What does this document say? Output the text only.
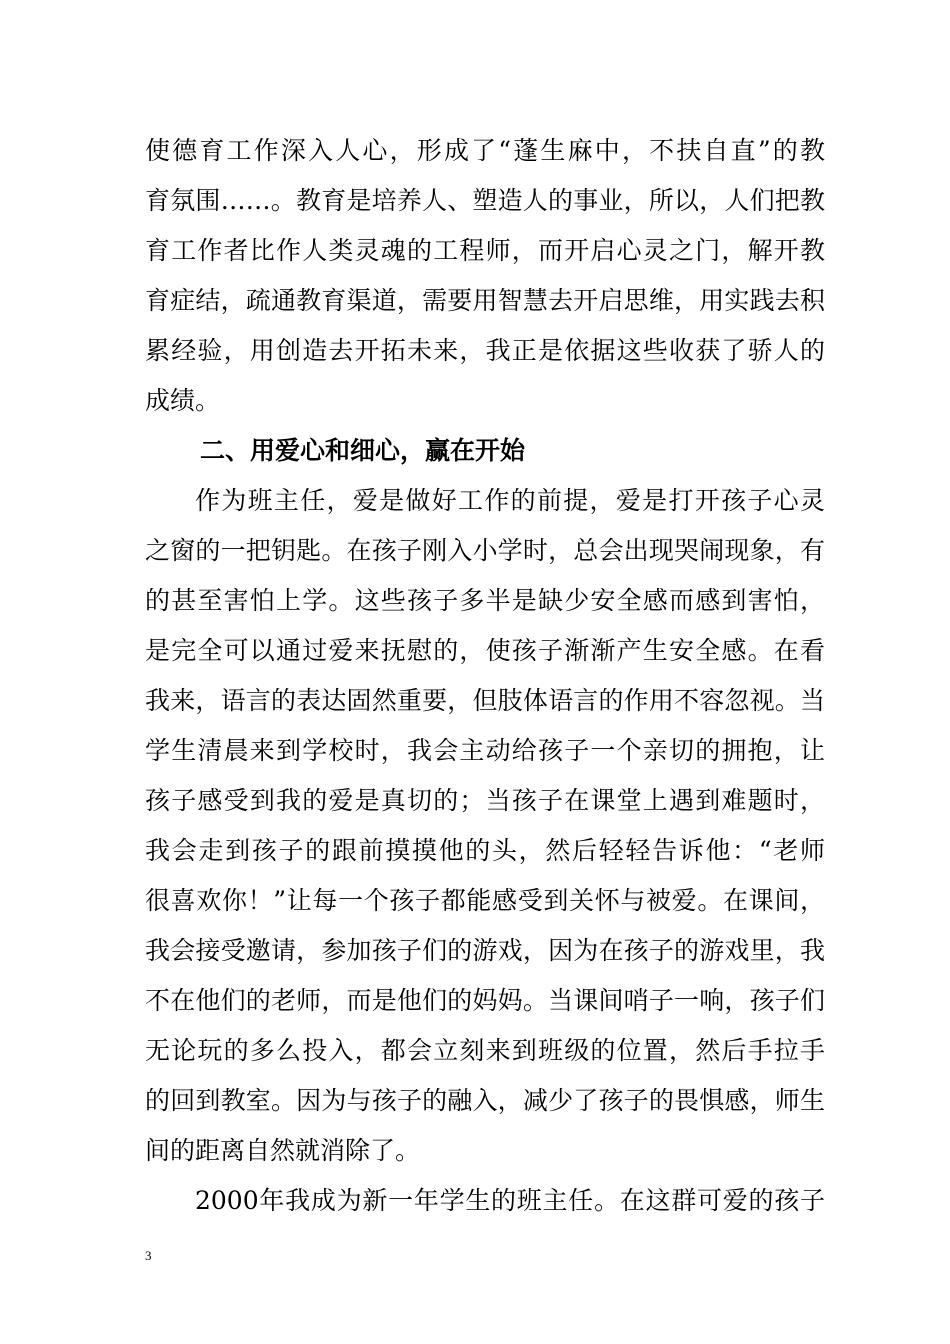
使德育工作深入人心，形成了“蓬生麻中，不扶自直”的教
育氛围……。教育是培养人、塑造人的事业，所以，人们把教
育工作者比作人类灵魂的工程师，而开启心灵之门，解开教
育症结，疏通教育渠道，需要用智慧去开启思维，用实践去积
累经验，用创造去开拓未来，我正是依据这些收获了骄人的
成绩。
二、用爱心和细心，赢在开始
作为班主任，爱是做好工作的前提，爱是打开孩子心灵
之窗的一把钥匙。在孩子刚入小学时，总会出现哭闹现象，有
的甚至害怕上学。这些孩子多半是缺少安全感而感到害怕，
是完全可以通过爱来抚慰的，使孩子渐渐产生安全感。在看
我来，语言的表达固然重要，但肢体语言的作用不容忽视。当
学生清晨来到学校时，我会主动给孩子一个亲切的拥抱，让
孩子感受到我的爱是真切的；当孩子在课堂上遇到难题时，
我会走到孩子的跟前摸摸他的头，然后轻轻告诉他：“老师
很喜欢你！”让每一个孩子都能感受到关怀与被爱。在课间，
我会接受邀请，参加孩子们的游戏，因为在孩子的游戏里，我
不在他们的老师，而是他们的妈妈。当课间哨子一响，孩子们
无论玩的多么投入，都会立刻来到班级的位置，然后手拉手
的回到教室。因为与孩子的融入，减少了孩子的畏惧感，师生
间的距离自然就消除了。
2000年我成为新一年学生的班主任。在这群可爱的孩子
3
